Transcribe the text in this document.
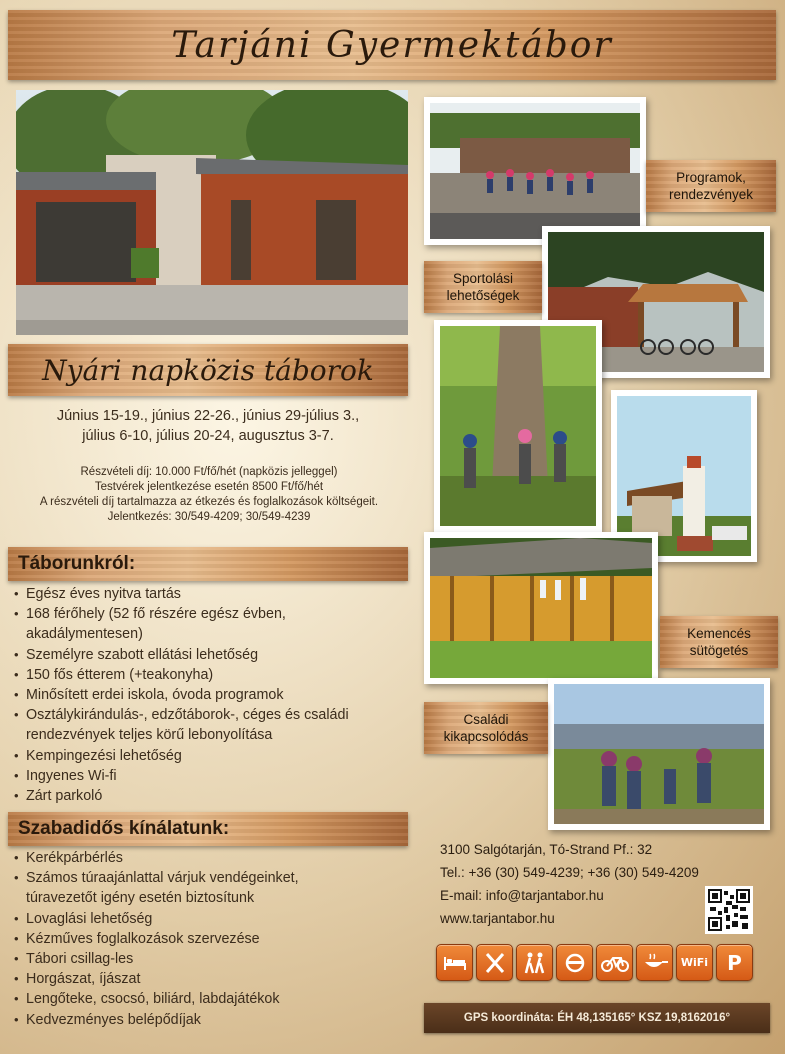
Tarjáni Gyermektábor
Nyári napközis táborok
Június 15-19., június 22-26., június 29-július 3.,
július 6-10, július 20-24, augusztus 3-7.
Részvételi díj: 10.000 Ft/fő/hét (napközis jelleggel)
Testvérek jelentkezése esetén 8500 Ft/fő/hét
A részvételi díj tartalmazza az étkezés és foglalkozások költségeit.
Jelentkezés: 30/549-4209; 30/549-4239
Táborunkról:
• Egész éves nyitva tartás
• 168 férőhely (52 fő részére egész évben,
akadálymentesen)
• Személyre szabott ellátási lehetőség
• 150 fős étterem (+teakonyha)
• Minősített erdei iskola, óvoda programok
• Osztálykirándulás-, edzőtáborok-, céges és családi
rendezvények teljes körű lebonyolítása
• Kempingezési lehetőség
• Ingyenes Wi-fi
• Zárt parkoló
Szabadidős kínálatunk:
• Kerékpárbérlés
• Számos túraajánlattal várjuk vendégeinket,
túravezetőt igény esetén biztosítunk
• Lovaglási lehetőség
• Kézműves foglalkozások szervezése
• Tábori csillag-les
• Horgászat, íjászat
• Lengőteke, csocsó, biliárd, labdajátékok
• Kedvezményes belépődíjak
Programok,
rendezvények
Sportolási
lehetőségek
Kemencés
sütögetés
Családi
kikapcsolódás
3100 Salgótarján, Tó-Strand Pf.: 32
Tel.: +36 (30) 549-4239; +36 (30) 549-4209
E-mail: info@tarjantabor.hu
www.tarjantabor.hu
WiFi P
GPS koordináta: ÉH 48,135165° KSZ 19,8162016°
